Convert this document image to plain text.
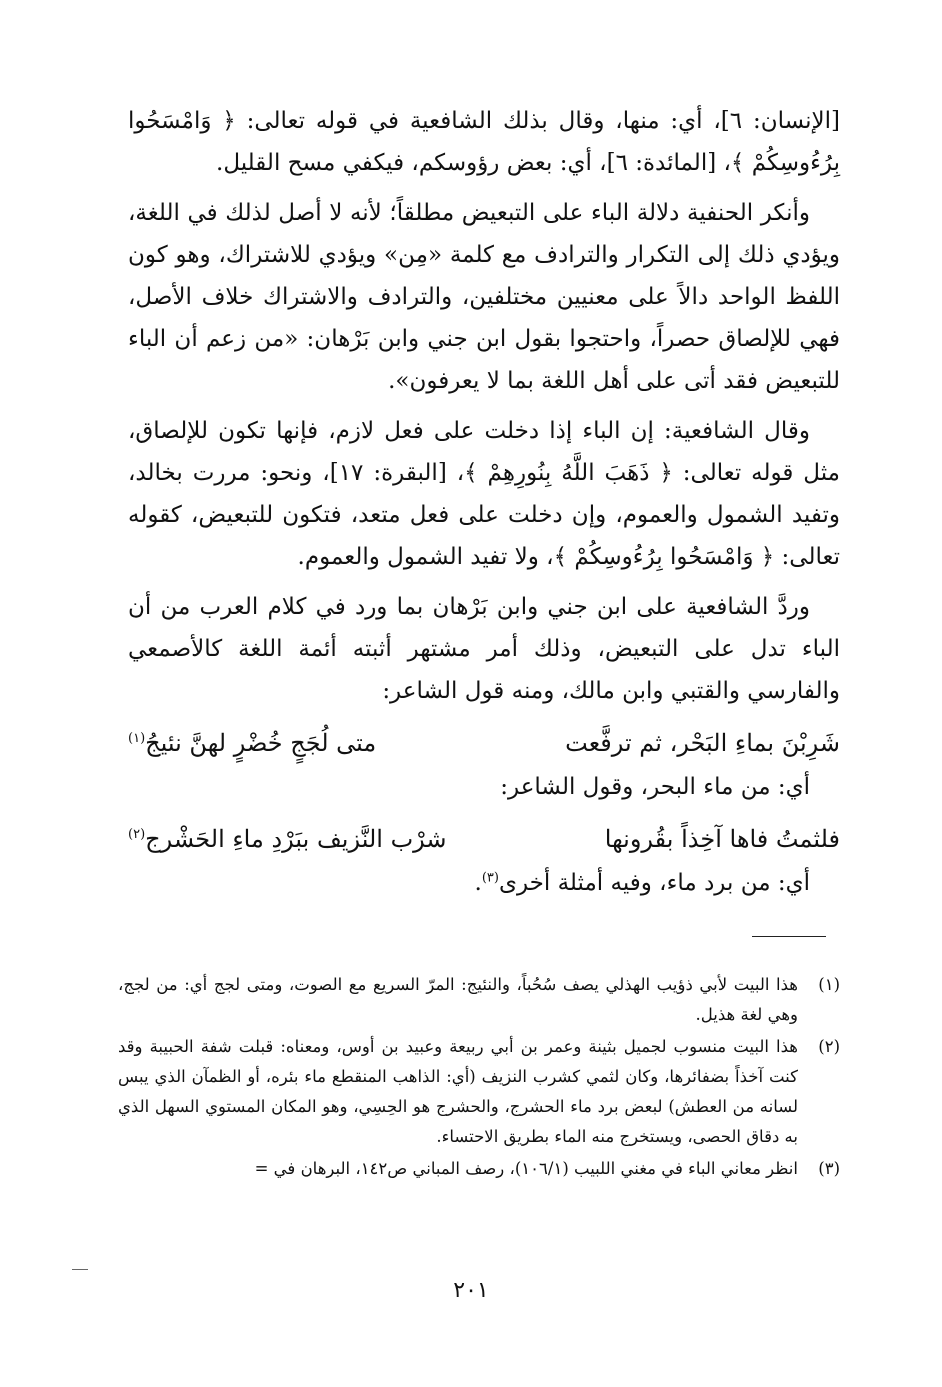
[الإنسان: ٦]، أي: منها، وقال بذلك الشافعية في قوله تعالى: ﴿ وَامْسَحُوا بِرُءُوسِكُمْ ﴾، [المائدة: ٦]، أي: بعض رؤوسكم، فيكفي مسح القليل.

وأنكر الحنفية دلالة الباء على التبعيض مطلقاً؛ لأنه لا أصل لذلك في اللغة، ويؤدي ذلك إلى التكرار والترادف مع كلمة «مِن» ويؤدي للاشتراك، وهو كون اللفظ الواحد دالاً على معنيين مختلفين، والترادف والاشتراك خلاف الأصل، فهي للإلصاق حصراً، واحتجوا بقول ابن جني وابن بَرْهان: «من زعم أن الباء للتبعيض فقد أتى على أهل اللغة بما لا يعرفون».

وقال الشافعية: إن الباء إذا دخلت على فعل لازم، فإنها تكون للإلصاق، مثل قوله تعالى: ﴿ ذَهَبَ اللَّهُ بِنُورِهِمْ ﴾، [البقرة: ١٧]، ونحو: مررت بخالد، وتفيد الشمول والعموم، وإن دخلت على فعل متعد، فتكون للتبعيض، كقوله تعالى: ﴿ وَامْسَحُوا بِرُءُوسِكُمْ ﴾، ولا تفيد الشمول والعموم.

وردَّ الشافعية على ابن جني وابن بَرْهان بما ورد في كلام العرب من أن الباء تدل على التبعيض، وذلك أمر مشتهر أثبته أئمة اللغة كالأصمعي والفارسي والقتبي وابن مالك، ومنه قول الشاعر:

شَرِبْنَ بماءِ البَحْر، ثم ترفَّعت
متى لُجَجٍ خُضْرٍ لهنَّ نئيجُ$^{(١)}$

أي: من ماء البحر، وقول الشاعر:

فلثمتُ فاها آخِذاً بقُرونها
شرْب النَّزيف ببَرْدِ ماءِ الحَشْرج$^{(٢)}$

أي: من برد ماء، وفيه أمثلة أخرى$^{(٣)}$.

(١)
هذا البيت لأبي ذؤيب الهذلي يصف سُحُباً، والنئيج: المرّ السريع مع الصوت، ومتى لجج أي: من لجج، وهي لغة هذيل.
(٢)
هذا البيت منسوب لجميل بثينة وعمر بن أبي ربيعة وعبيد بن أوس، ومعناه: قبلت شفة الحبيبة وقد كنت آخذاً بضفائرها، وكان لثمي كشرب النزيف (أي: الذاهب المنقطع ماء بئره، أو الظمآن الذي يبس لسانه من العطش) لبعض برد ماء الحشرج، والحشرج هو الحِسِي، وهو المكان المستوي السهل الذي به دقاق الحصى، ويستخرج منه الماء بطريق الاحتساء.
(٣)
انظر معاني الباء في مغني اللبيب (١٠٦/١)، رصف المباني ص١٤٢، البرهان في =
٢٠١
